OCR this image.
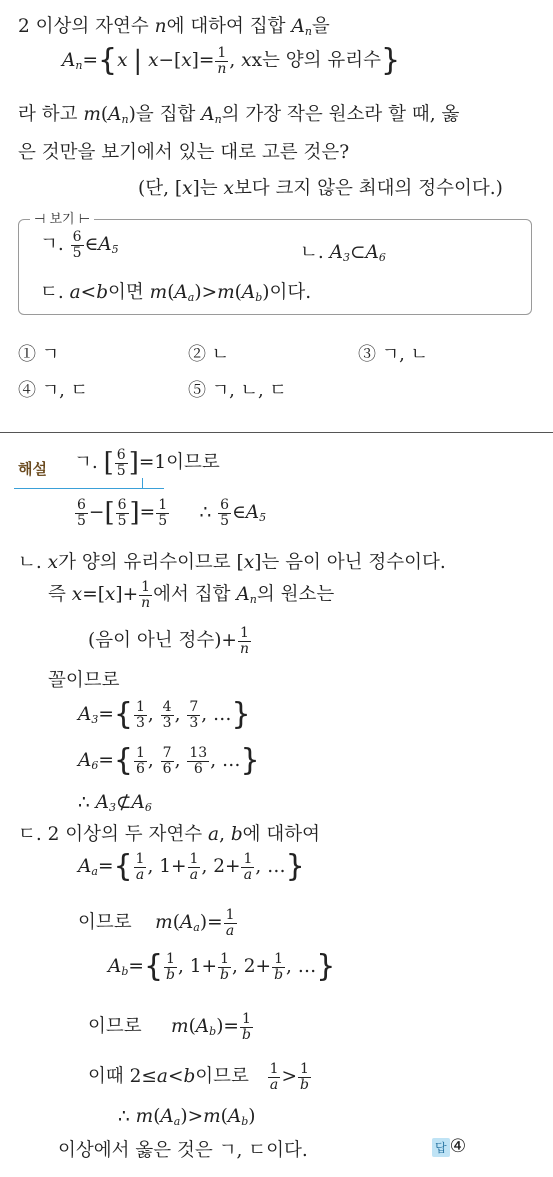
2 이상의 자연수 n에 대하여 집합 $A_n$을
$A_n=\{x$ | $x-[x]= \frac{1}{n}$ , xx는 양의 유리수}
라 하고 $m(A_n)$을 집합 $A_n$의 가장 작은 원소라 할 때, 옳
은 것만을 보기에서 있는 대로 고른 것은?
(단, [x]는 x보다 크지 않은 최대의 정수이다.)
⊣ 보기 ⊢
ㄱ. $\frac{6}{5}$ $\in A_5$	ㄴ. $A_3\subset A_6$
ㄷ. a<b이면 $m(A_a)>m(A_b)$이다.
① ㄱ	② ㄴ	③ ㄱ, ㄴ
④ ㄱ, ㄷ	⑤ ㄱ, ㄴ, ㄷ
해설 ㄱ. [ $\frac{6}{5} ]=1$이므로
$\frac{6}{5}$ −[ $\frac{6}{5}$ ]= $\frac{1}{5}$ ∴ $\frac{6}{5}$ $\in A_5$
ㄴ. x가 양의 유리수이므로 [x]는 음이 아닌 정수이다.
즉 $x=[x]+ \frac{1}{n}$ 에서 집합 $A_n$의 원소는
(음이 아닌 정수)+ $\frac{1}{n}$
꼴이므로
$A_3=\{ \frac{1}{3}$ , $\frac{4}{3}$ , $\frac{7}{3}$ , …}
$A_6=\{ \frac{1}{6}$ , $\frac{7}{6}$ , $\frac{13}{6}$ , …}
∴ $A_3⊄A_6$
ㄷ. 2 이상의 두 자연수 a, b에 대하여
$A_a=\{ \frac{1}{a}$ , $1+ \frac{1}{a}$ , $2+ \frac{1}{a}$ , …}
이므로 $m(A_a)= \frac{1}{a}$
$A_b=\{ \frac{1}{b}$ , $1+ \frac{1}{b}$ , $2+ \frac{1}{b}$ , …}
이므로 $m(A_b)= \frac{1}{b}$
이때 2≤a<b이므로 $\frac{1}{a} > \frac{1}{b}$
∴ $m(A_a)>m(A_b)$
이상에서 옳은 것은 ㄱ, ㄷ이다.	답 ④
